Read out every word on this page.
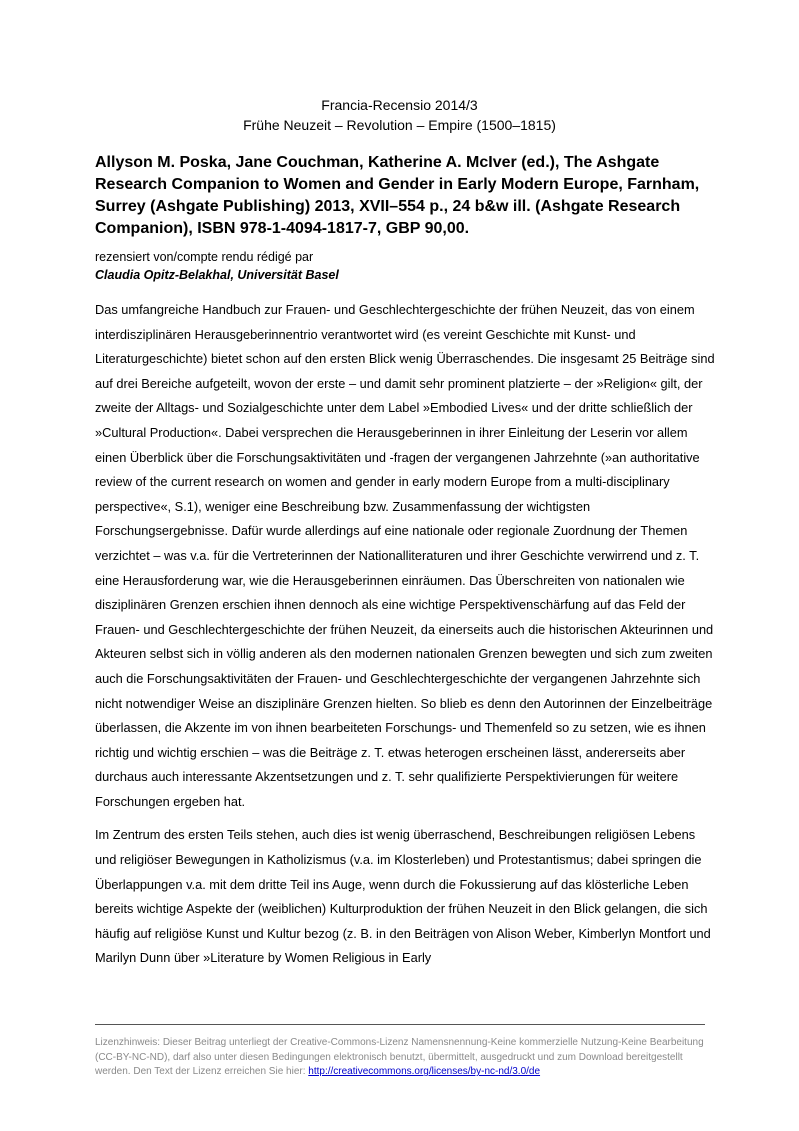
Francia-Recensio 2014/3
Frühe Neuzeit – Revolution – Empire (1500–1815)
Allyson M. Poska, Jane Couchman, Katherine A. McIver (ed.), The Ashgate Research Companion to Women and Gender in Early Modern Europe, Farnham, Surrey (Ashgate Publishing) 2013, XVII–554 p., 24 b&w ill. (Ashgate Research Companion), ISBN 978-1-4094-1817-7, GBP 90,00.
rezensiert von/compte rendu rédigé par
Claudia Opitz-Belakhal, Universität Basel

Das umfangreiche Handbuch zur Frauen- und Geschlechtergeschichte der frühen Neuzeit, das von einem interdisziplinären Herausgeberinnentrio verantwortet wird (es vereint Geschichte mit Kunst- und Literaturgeschichte) bietet schon auf den ersten Blick wenig Überraschendes. Die insgesamt 25 Beiträge sind auf drei Bereiche aufgeteilt, wovon der erste – und damit sehr prominent platzierte – der »Religion« gilt, der zweite der Alltags- und Sozialgeschichte unter dem Label »Embodied Lives« und der dritte schließlich der »Cultural Production«. Dabei versprechen die Herausgeberinnen in ihrer Einleitung der Leserin vor allem einen Überblick über die Forschungsaktivitäten und -fragen der vergangenen Jahrzehnte (»an authoritative review of the current research on women and gender in early modern Europe from a multi-disciplinary perspective«, S.1), weniger eine Beschreibung bzw. Zusammenfassung der wichtigsten Forschungsergebnisse. Dafür wurde allerdings auf eine nationale oder regionale Zuordnung der Themen verzichtet – was v.a. für die Vertreterinnen der Nationalliteraturen und ihrer Geschichte verwirrend und z. T. eine Herausforderung war, wie die Herausgeberinnen einräumen. Das Überschreiten von nationalen wie disziplinären Grenzen erschien ihnen dennoch als eine wichtige Perspektivenschärfung auf das Feld der Frauen- und Geschlechtergeschichte der frühen Neuzeit, da einerseits auch die historischen Akteurinnen und Akteuren selbst sich in völlig anderen als den modernen nationalen Grenzen bewegten und sich zum zweiten auch die Forschungsaktivitäten der Frauen- und Geschlechtergeschichte der vergangenen Jahrzehnte sich nicht notwendiger Weise an disziplinäre Grenzen hielten. So blieb es denn den Autorinnen der Einzelbeiträge überlassen, die Akzente im von ihnen bearbeiteten Forschungs- und Themenfeld so zu setzen, wie es ihnen richtig und wichtig erschien – was die Beiträge z. T. etwas heterogen erscheinen lässt, andererseits aber durchaus auch interessante Akzentsetzungen und z. T. sehr qualifizierte Perspektivierungen für weitere Forschungen ergeben hat.

Im Zentrum des ersten Teils stehen, auch dies ist wenig überraschend, Beschreibungen religiösen Lebens und religiöser Bewegungen in Katholizismus (v.a. im Klosterleben) und Protestantismus; dabei springen die Überlappungen v.a. mit dem dritte Teil ins Auge, wenn durch die Fokussierung auf das klösterliche Leben bereits wichtige Aspekte der (weiblichen) Kulturproduktion der frühen Neuzeit in den Blick gelangen, die sich häufig auf religiöse Kunst und Kultur bezog (z. B. in den Beiträgen von Alison Weber, Kimberlyn Montfort und Marilyn Dunn über »Literature by Women Religious in Early

Lizenzhinweis: Dieser Beitrag unterliegt der Creative-Commons-Lizenz Namensnennung-Keine kommerzielle Nutzung-Keine Bearbeitung (CC-BY-NC-ND), darf also unter diesen Bedingungen elektronisch benutzt, übermittelt, ausgedruckt und zum Download bereitgestellt werden. Den Text der Lizenz erreichen Sie hier: http://creativecommons.org/licenses/by-nc-nd/3.0/de
